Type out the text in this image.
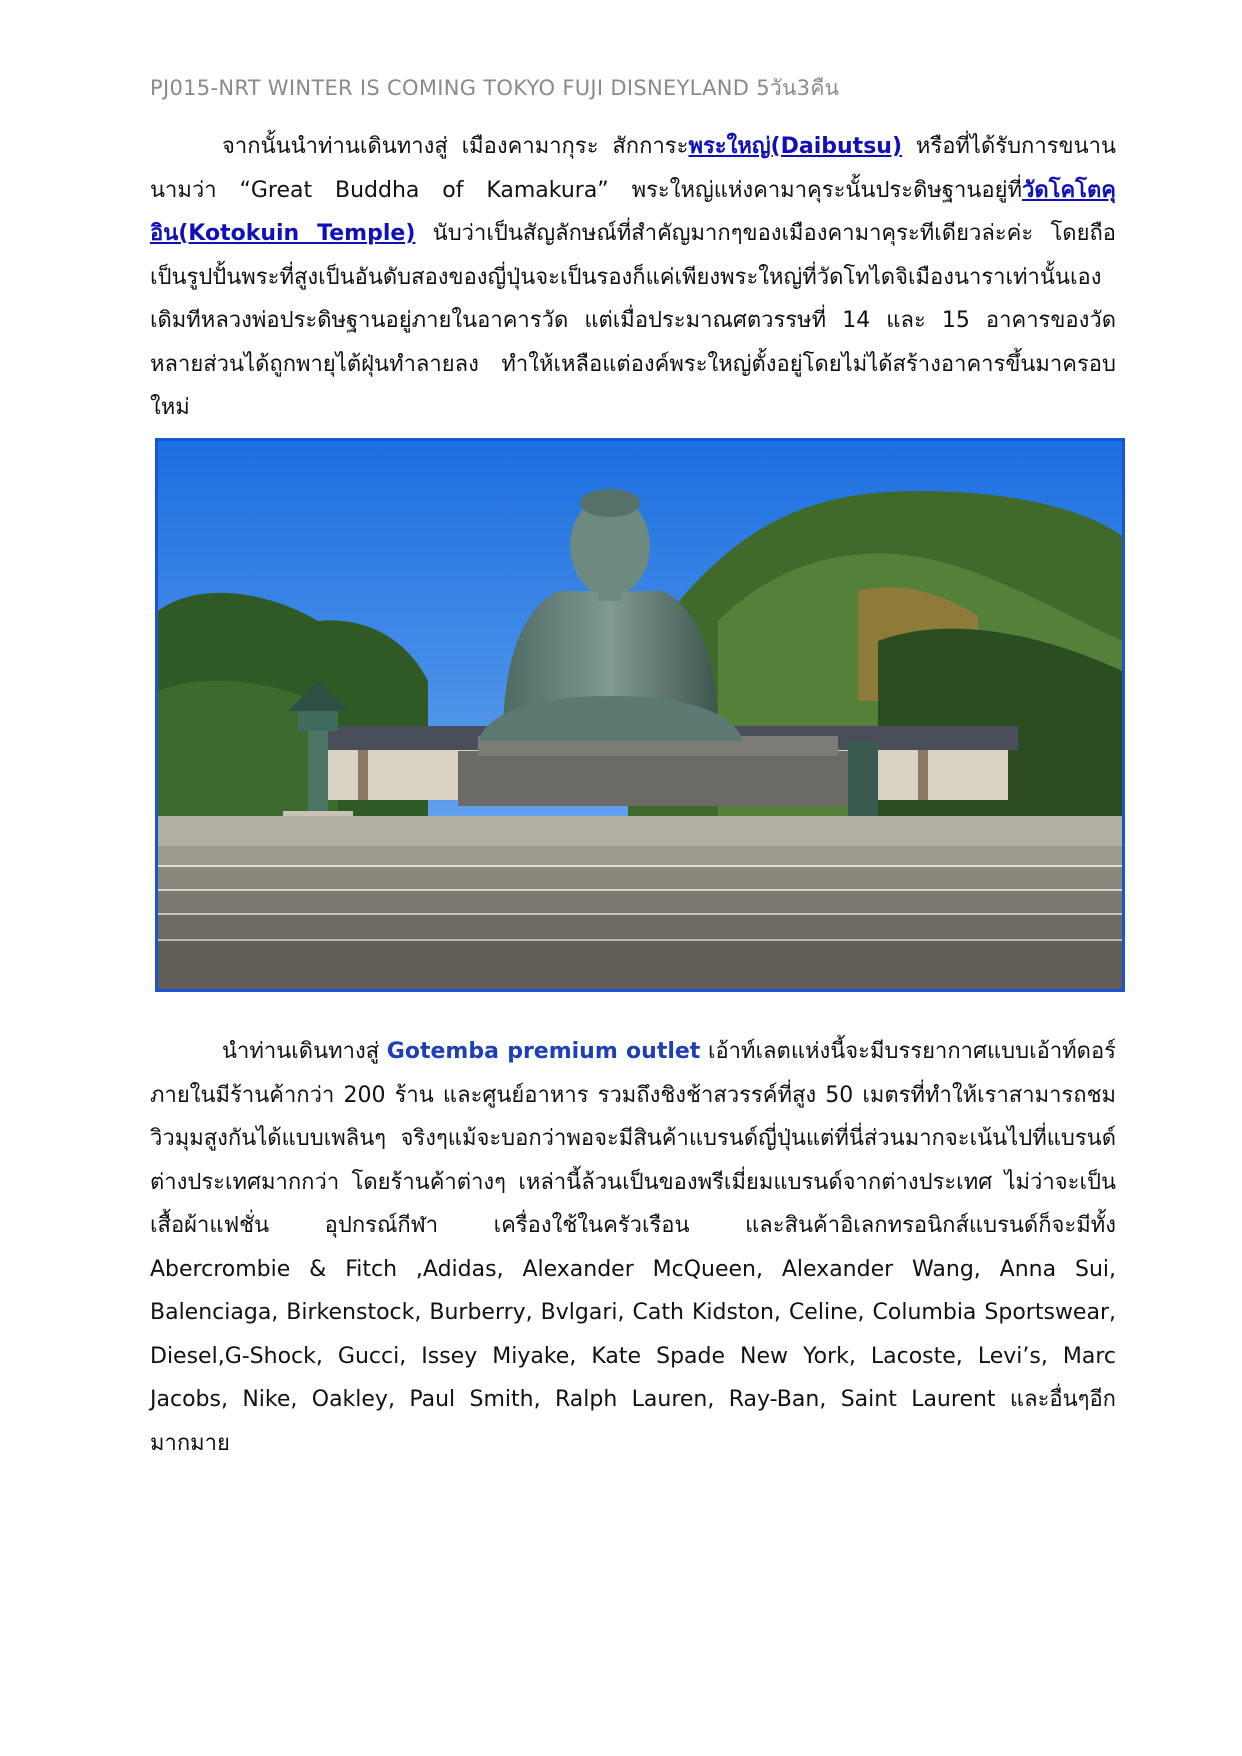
PJ015-NRT WINTER IS COMING TOKYO FUJI DISNEYLAND 5วัน3คืน
จากนั้นนำท่านเดินทางสู่ เมืองคามากุระ สักการะพระใหญ่(Daibutsu) หรือที่ได้รับการขนานนามว่า “Great Buddha of Kamakura” พระใหญ่แห่งคามาคุระนั้นประดิษฐานอยู่ที่วัดโคโตคุอิน(Kotokuin Temple) นับว่าเป็นสัญลักษณ์ที่สำคัญมากๆของเมืองคามาคุระทีเดียวล่ะค่ะ โดยถือเป็นรูปปั้นพระที่สูงเป็นอันดับสองของญี่ปุ่นจะเป็นรองก็แค่เพียงพระใหญ่ที่วัดโทไดจิเมืองนาราเท่านั้นเอง เดิมทีหลวงพ่อประดิษฐานอยู่ภายในอาคารวัด แต่เมื่อประมาณศตวรรษที่ 14 และ 15 อาคารของวัดหลายส่วนได้ถูกพายุไต้ฝุ่นทำลายลง ทำให้เหลือแต่องค์พระใหญ่ตั้งอยู่โดยไม่ได้สร้างอาคารขึ้นมาครอบใหม่
นำท่านเดินทางสู่ Gotemba premium outlet เอ้าท์เลตแห่งนี้จะมีบรรยากาศแบบเอ้าท์ดอร์ ภายในมีร้านค้ากว่า 200 ร้าน และศูนย์อาหาร รวมถึงชิงช้าสวรรค์ที่สูง 50 เมตรที่ทำให้เราสามารถชมวิวมุมสูงกันได้แบบเพลินๆ จริงๆแม้จะบอกว่าพอจะมีสินค้าแบรนด์ญี่ปุ่นแต่ที่นี่ส่วนมากจะเน้นไปที่แบรนด์ต่างประเทศมากกว่า โดยร้านค้าต่างๆ เหล่านี้ล้วนเป็นของพรีเมี่ยมแบรนด์จากต่างประเทศ ไม่ว่าจะเป็นเสื้อผ้าแฟชั่น อุปกรณ์กีฬา เครื่องใช้ในครัวเรือน และสินค้าอิเลกทรอนิกส์แบรนด์ก็จะมีทั้ง Abercrombie & Fitch ,Adidas, Alexander McQueen, Alexander Wang, Anna Sui, Balenciaga, Birkenstock, Burberry, Bvlgari, Cath Kidston, Celine, Columbia Sportswear, Diesel,G-Shock, Gucci, Issey Miyake, Kate Spade New York, Lacoste, Levi’s, Marc Jacobs, Nike, Oakley, Paul Smith, Ralph Lauren, Ray-Ban, Saint Laurent และอื่นๆอีกมากมาย
